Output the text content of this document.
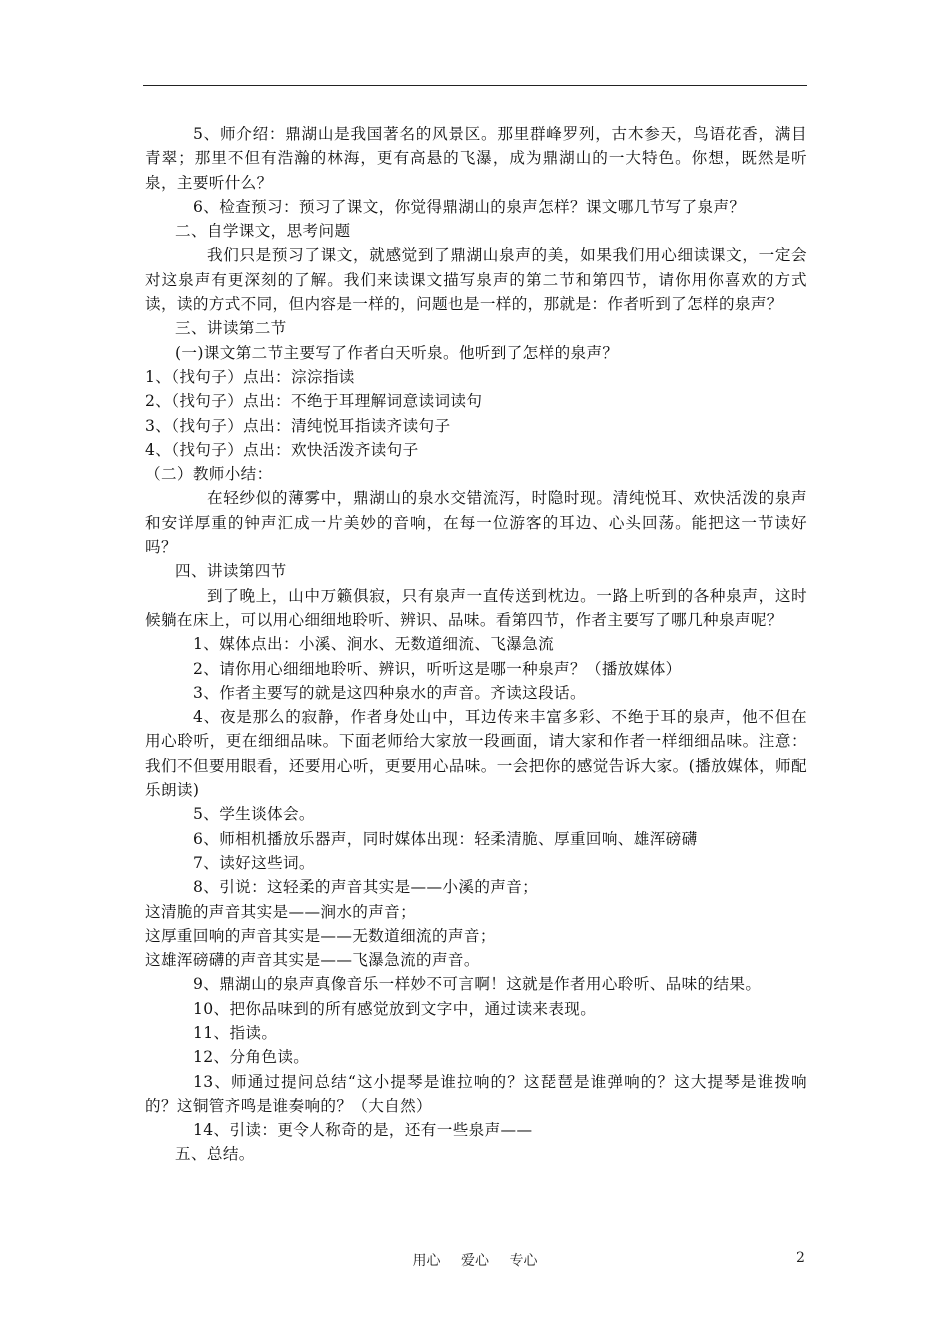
5、师介绍：鼎湖山是我国著名的风景区。那里群峰罗列，古木参天，鸟语花香，满目青翠；那里不但有浩瀚的林海，更有高悬的飞瀑，成为鼎湖山的一大特色。你想，既然是听泉，主要听什么？

6、检查预习：预习了课文，你觉得鼎湖山的泉声怎样？课文哪几节写了泉声？

二、自学课文，思考问题

我们只是预习了课文，就感觉到了鼎湖山泉声的美，如果我们用心细读课文，一定会对这泉声有更深刻的了解。我们来读课文描写泉声的第二节和第四节，请你用你喜欢的方式读，读的方式不同，但内容是一样的，问题也是一样的，那就是：作者听到了怎样的泉声？

三、讲读第二节

(一)课文第二节主要写了作者白天听泉。他听到了怎样的泉声？

1、（找句子）点出：淙淙指读

2、（找句子）点出：不绝于耳理解词意读词读句

3、（找句子）点出：清纯悦耳指读齐读句子

4、（找句子）点出：欢快活泼齐读句子

（二）教师小结：

在轻纱似的薄雾中，鼎湖山的泉水交错流泻，时隐时现。清纯悦耳、欢快活泼的泉声和安详厚重的钟声汇成一片美妙的音响，在每一位游客的耳边、心头回荡。能把这一节读好吗？

四、讲读第四节

到了晚上，山中万籁俱寂，只有泉声一直传送到枕边。一路上听到的各种泉声，这时候躺在床上，可以用心细细地聆听、辨识、品味。看第四节，作者主要写了哪几种泉声呢？

1、媒体点出：小溪、涧水、无数道细流、飞瀑急流

2、请你用心细细地聆听、辨识，听听这是哪一种泉声？（播放媒体）

3、作者主要写的就是这四种泉水的声音。齐读这段话。

4、夜是那么的寂静，作者身处山中，耳边传来丰富多彩、不绝于耳的泉声，他不但在用心聆听，更在细细品味。下面老师给大家放一段画面，请大家和作者一样细细品味。注意：我们不但要用眼看，还要用心听，更要用心品味。一会把你的感觉告诉大家。(播放媒体，师配乐朗读)

5、学生谈体会。

6、师相机播放乐器声，同时媒体出现：轻柔清脆、厚重回响、雄浑磅礴

7、读好这些词。

8、引说：这轻柔的声音其实是——小溪的声音；

这清脆的声音其实是——涧水的声音；

这厚重回响的声音其实是——无数道细流的声音；

这雄浑磅礴的声音其实是——飞瀑急流的声音。

9、鼎湖山的泉声真像音乐一样妙不可言啊！这就是作者用心聆听、品味的结果。

10、把你品味到的所有感觉放到文字中，通过读来表现。

11、指读。

12、分角色读。

13、师通过提问总结“这小提琴是谁拉响的？这琵琶是谁弹响的？这大提琴是谁拨响的？这铜管齐鸣是谁奏响的？（大自然）

14、引读：更令人称奇的是，还有一些泉声——

五、总结。

用心 爱心 专心	2
